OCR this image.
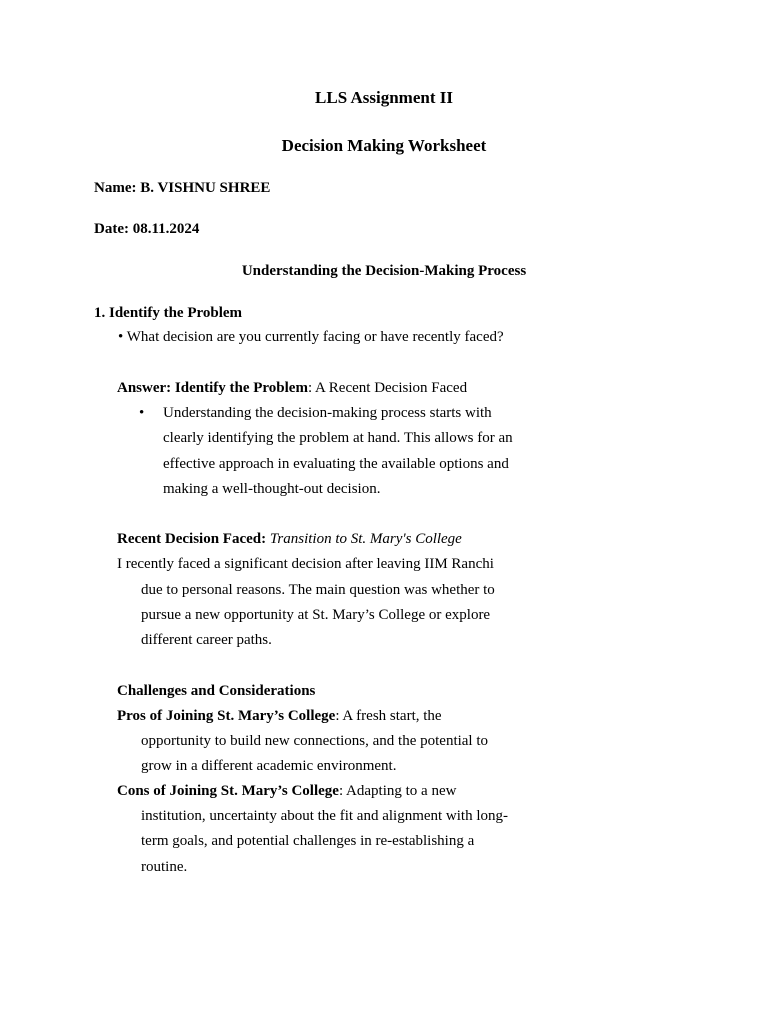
LLS Assignment II
Decision Making Worksheet
Name: B. VISHNU SHREE
Date: 08.11.2024
Understanding the Decision-Making Process
1. Identify the Problem
• What decision are you currently facing or have recently faced?
Answer: Identify the Problem: A Recent Decision Faced
• Understanding the decision-making process starts with
clearly identifying the problem at hand. This allows for an
effective approach in evaluating the available options and
making a well-thought-out decision.
Recent Decision Faced: Transition to St. Mary's College
I recently faced a significant decision after leaving IIM Ranchi
due to personal reasons. The main question was whether to
pursue a new opportunity at St. Mary’s College or explore
different career paths.
Challenges and Considerations
Pros of Joining St. Mary’s College: A fresh start, the
opportunity to build new connections, and the potential to
grow in a different academic environment.
Cons of Joining St. Mary’s College: Adapting to a new
institution, uncertainty about the fit and alignment with long-
term goals, and potential challenges in re-establishing a
routine.
